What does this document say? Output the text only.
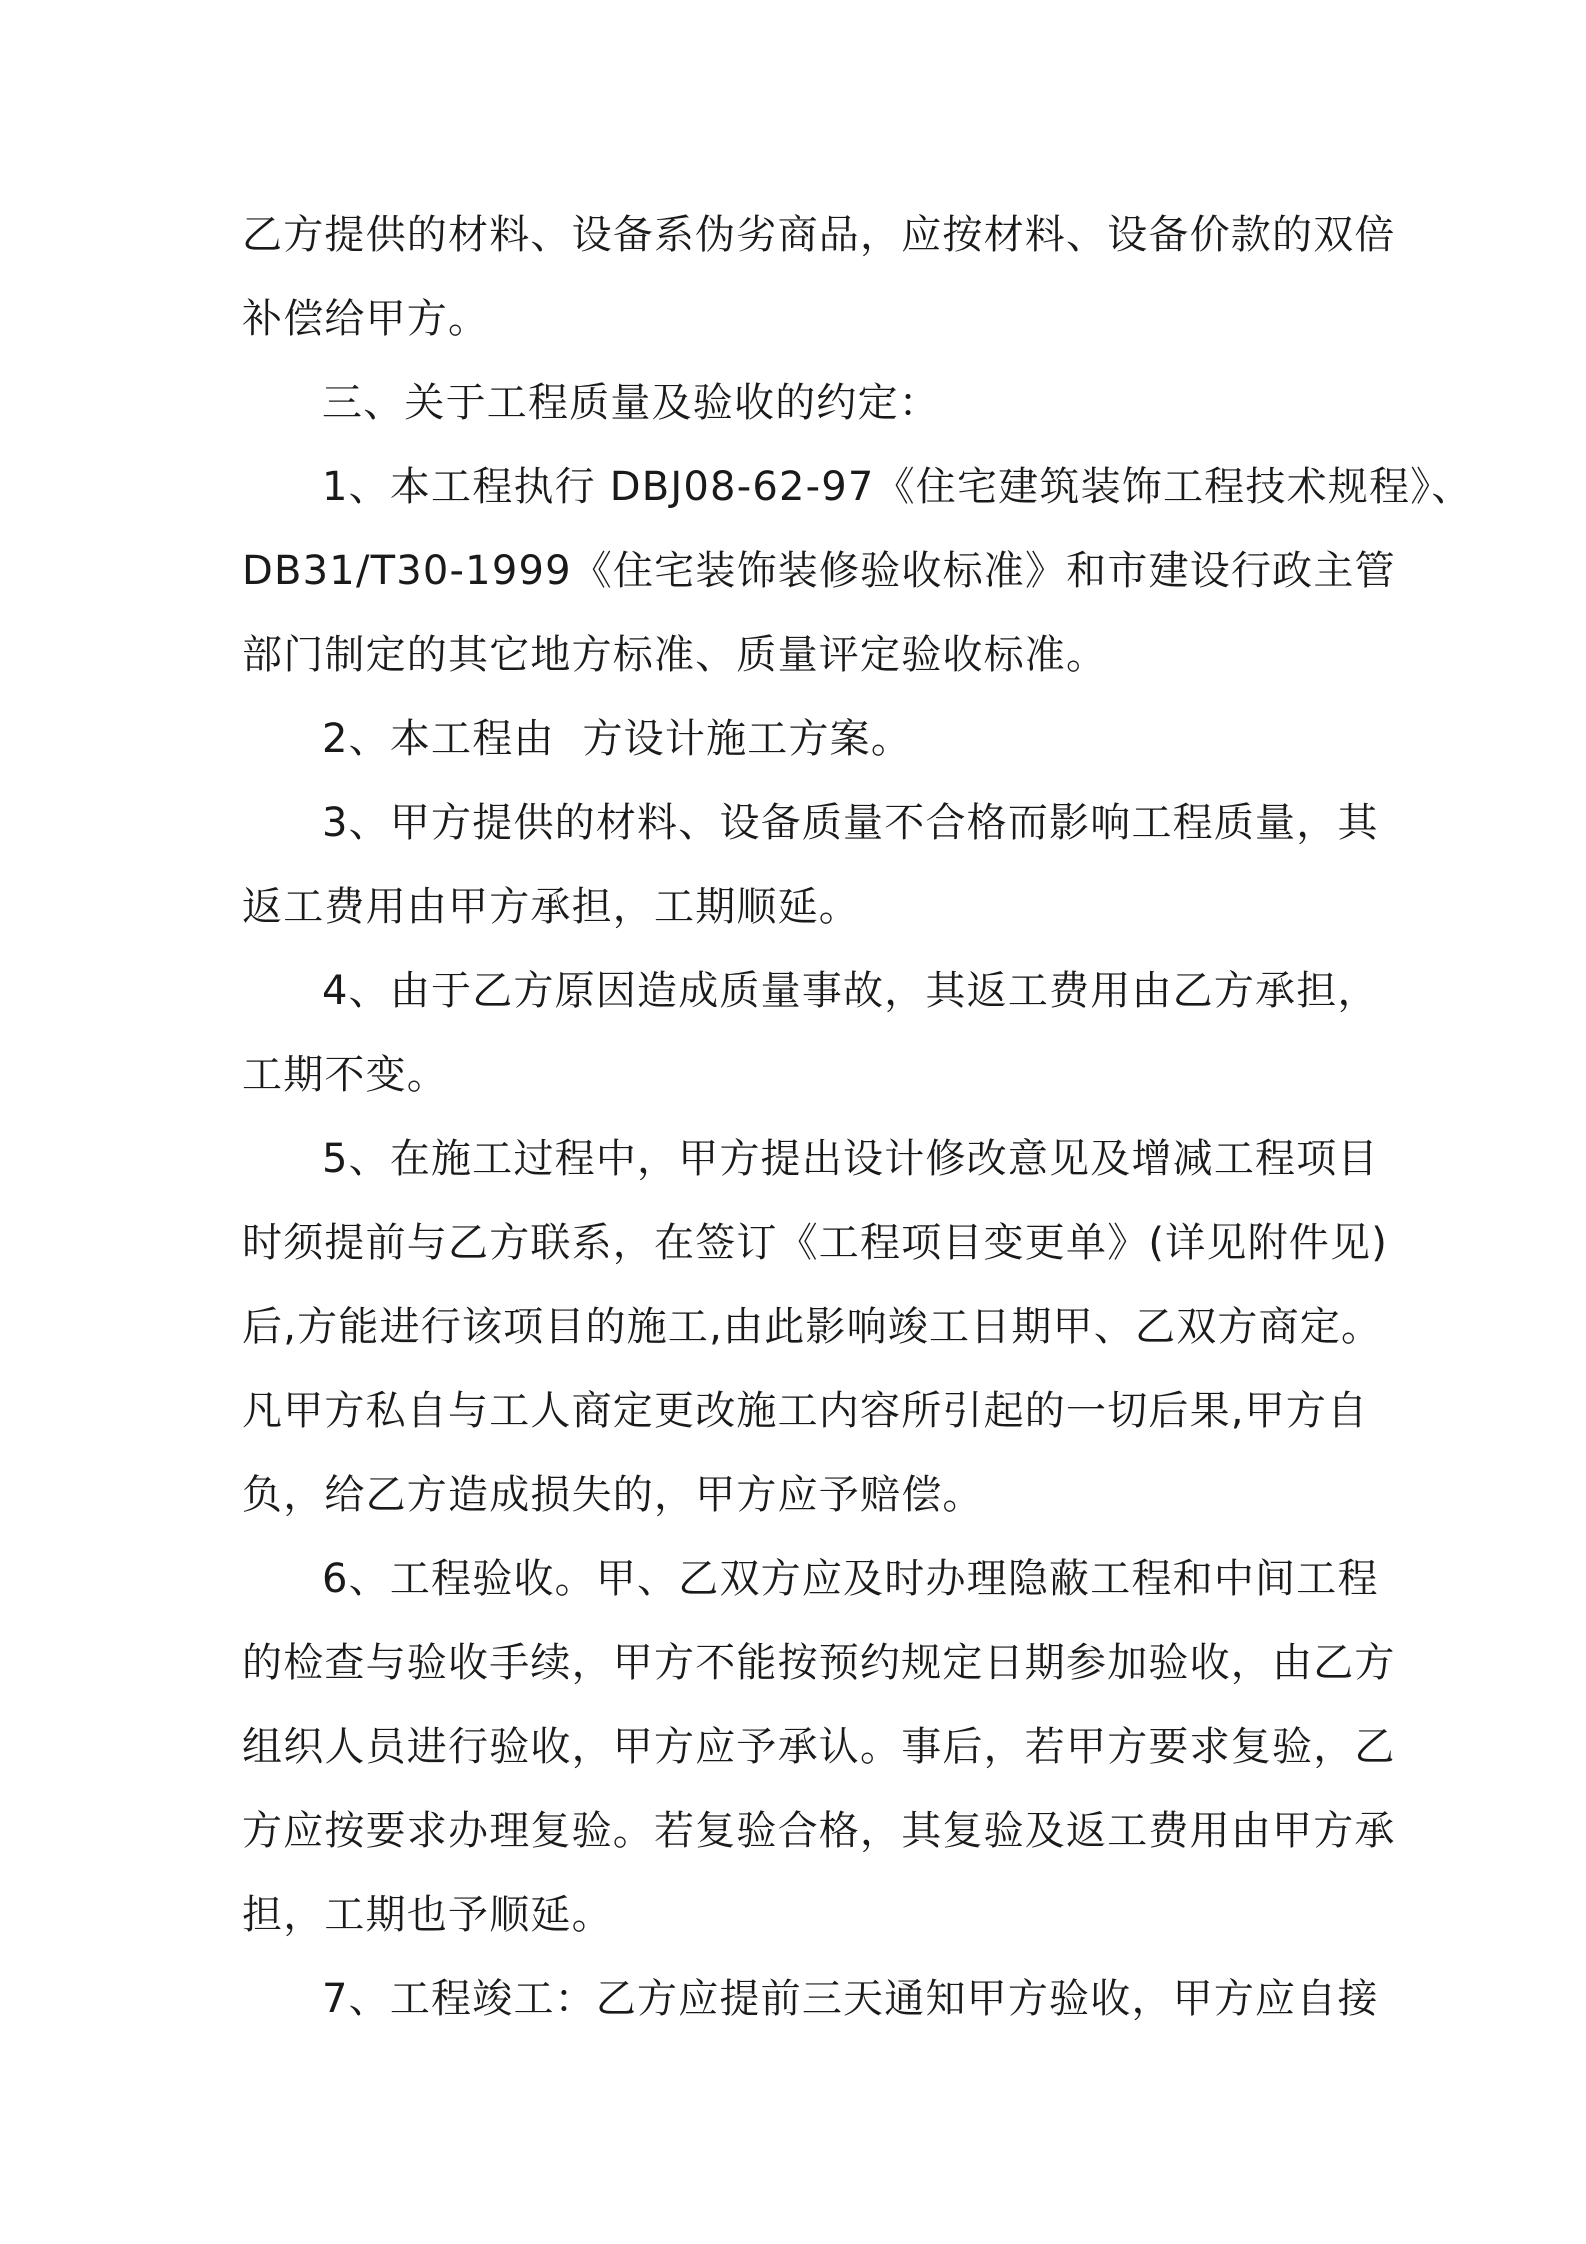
乙方提供的材料、设备系伪劣商品，应按材料、设备价款的双倍
补偿给甲方。
三、关于工程质量及验收的约定：
1、本工程执行 DBJ08-62-97《住宅建筑装饰工程技术规程》、
DB31/T30-1999《住宅装饰装修验收标准》和市建设行政主管
部门制定的其它地方标准、质量评定验收标准。
2、本工程由  方设计施工方案。
3、甲方提供的材料、设备质量不合格而影响工程质量，其
返工费用由甲方承担，工期顺延。
4、由于乙方原因造成质量事故，其返工费用由乙方承担，
工期不变。
5、在施工过程中，甲方提出设计修改意见及增减工程项目
时须提前与乙方联系，在签订《工程项目变更单》(详见附件见)
后,方能进行该项目的施工,由此影响竣工日期甲、乙双方商定。
凡甲方私自与工人商定更改施工内容所引起的一切后果,甲方自
负，给乙方造成损失的，甲方应予赔偿。
6、工程验收。甲、乙双方应及时办理隐蔽工程和中间工程
的检查与验收手续，甲方不能按预约规定日期参加验收，由乙方
组织人员进行验收，甲方应予承认。事后，若甲方要求复验，乙
方应按要求办理复验。若复验合格，其复验及返工费用由甲方承
担，工期也予顺延。
7、工程竣工：乙方应提前三天通知甲方验收，甲方应自接
